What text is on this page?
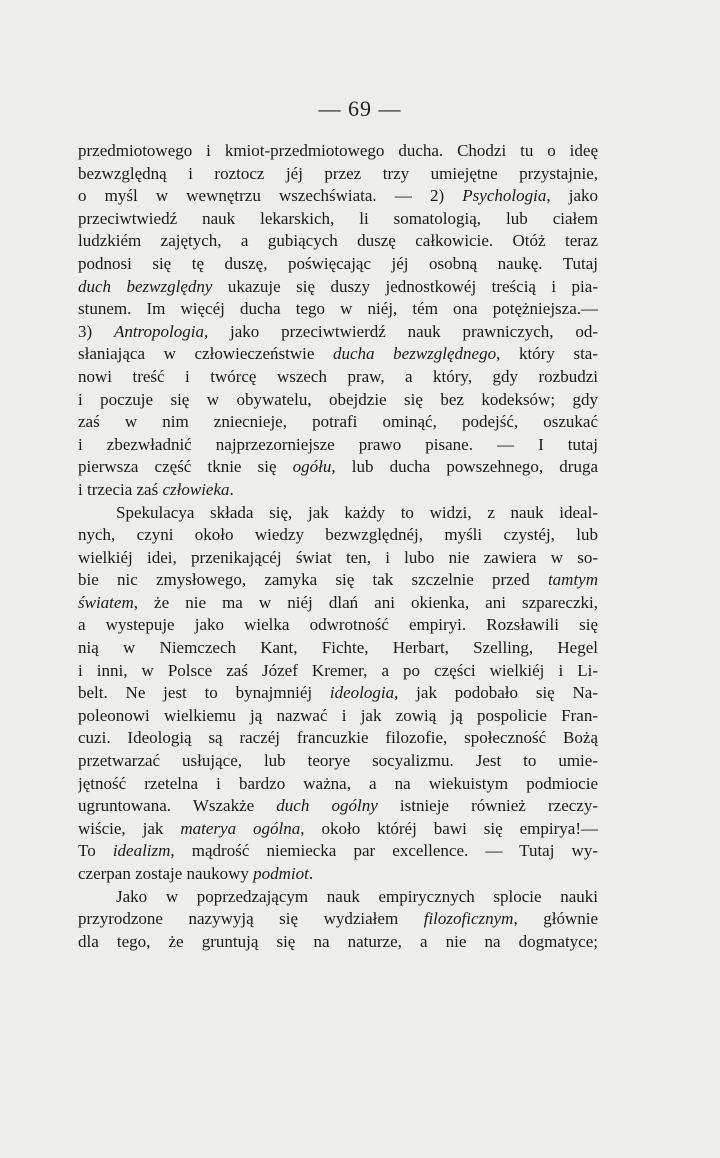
— 69 —
przedmiotowego i kmiot-przedmiotowego ducha. Chodzi tu o ideę
bezwzględną i roztocz jéj przez trzy umiejętne przystajnie,
o myśl w wewnętrzu wszechświata. — 2) Psychologia, jako
przeciwtwiedź nauk lekarskich, li somatologią, lub ciałem
ludzkiém zajętych, a gubiących duszę całkowicie. Otóż teraz
podnosi się tę duszę, poświęcając jéj osobną naukę. Tutaj
duch bezwzględny ukazuje się duszy jednostkowéj treścią i pia-
stunem. Im więcéj ducha tego w niéj, tém ona potężniejsza.—
3) Antropologia, jako przeciwtwierdź nauk prawniczych, od-
słaniająca w człowieczeństwie ducha bezwzględnego, który sta-
nowi treść i twórcę wszech praw, a który, gdy rozbudzi
i poczuje się w obywatelu, obejdzie się bez kodeksów; gdy
zaś w nim zniecnieje, potrafi ominąć, podejść, oszukać
i zbezwładnić najprzezorniejsze prawo pisane. — I tutaj
pierwsza część tknie się ogółu, lub ducha powszehnego, druga
i trzecia zaś człowieka.
Spekulacya składa się, jak każdy to widzi, z nauk ideal-
nych, czyni około wiedzy bezwzględnéj, myśli czystéj, lub
wielkiéj idei, przenikającéj świat ten, i lubo nie zawiera w so-
bie nic zmysłowego, zamyka się tak szczelnie przed tamtym
światem, że nie ma w niéj dlań ani okienka, ani szpareczki,
a wystepuje jako wielka odwrotność empiryi. Rozsławili się
nią w Niemczech Kant, Fichte, Herbart, Szelling, Hegel
i inni, w Polsce zaś Józef Kremer, a po części wielkiéj i Li-
belt. Ne jest to bynajmniéj ideologia, jak podobało się Na-
poleonowi wielkiemu ją nazwać i jak zowią ją pospolicie Fran-
cuzi. Ideologią są raczéj francuzkie filozofie, społeczność Bożą
przetwarzać usłujące, lub teorye socyalizmu. Jest to umie-
jętność rzetelna i bardzo ważna, a na wiekuistym podmiocie
ugruntowana. Wszakże duch ogólny istnieje również rzeczy-
wiście, jak materya ogólna, około któréj bawi się empirya!—
To idealizm, mądrość niemiecka par excellence. — Tutaj wy-
czerpan zostaje naukowy podmiot.
Jako w poprzedzającym nauk empirycznych splocie nauki
przyrodzone nazywyją się wydziałem filozoficznym, głównie
dla tego, że gruntują się na naturze, a nie na dogmatyce;
